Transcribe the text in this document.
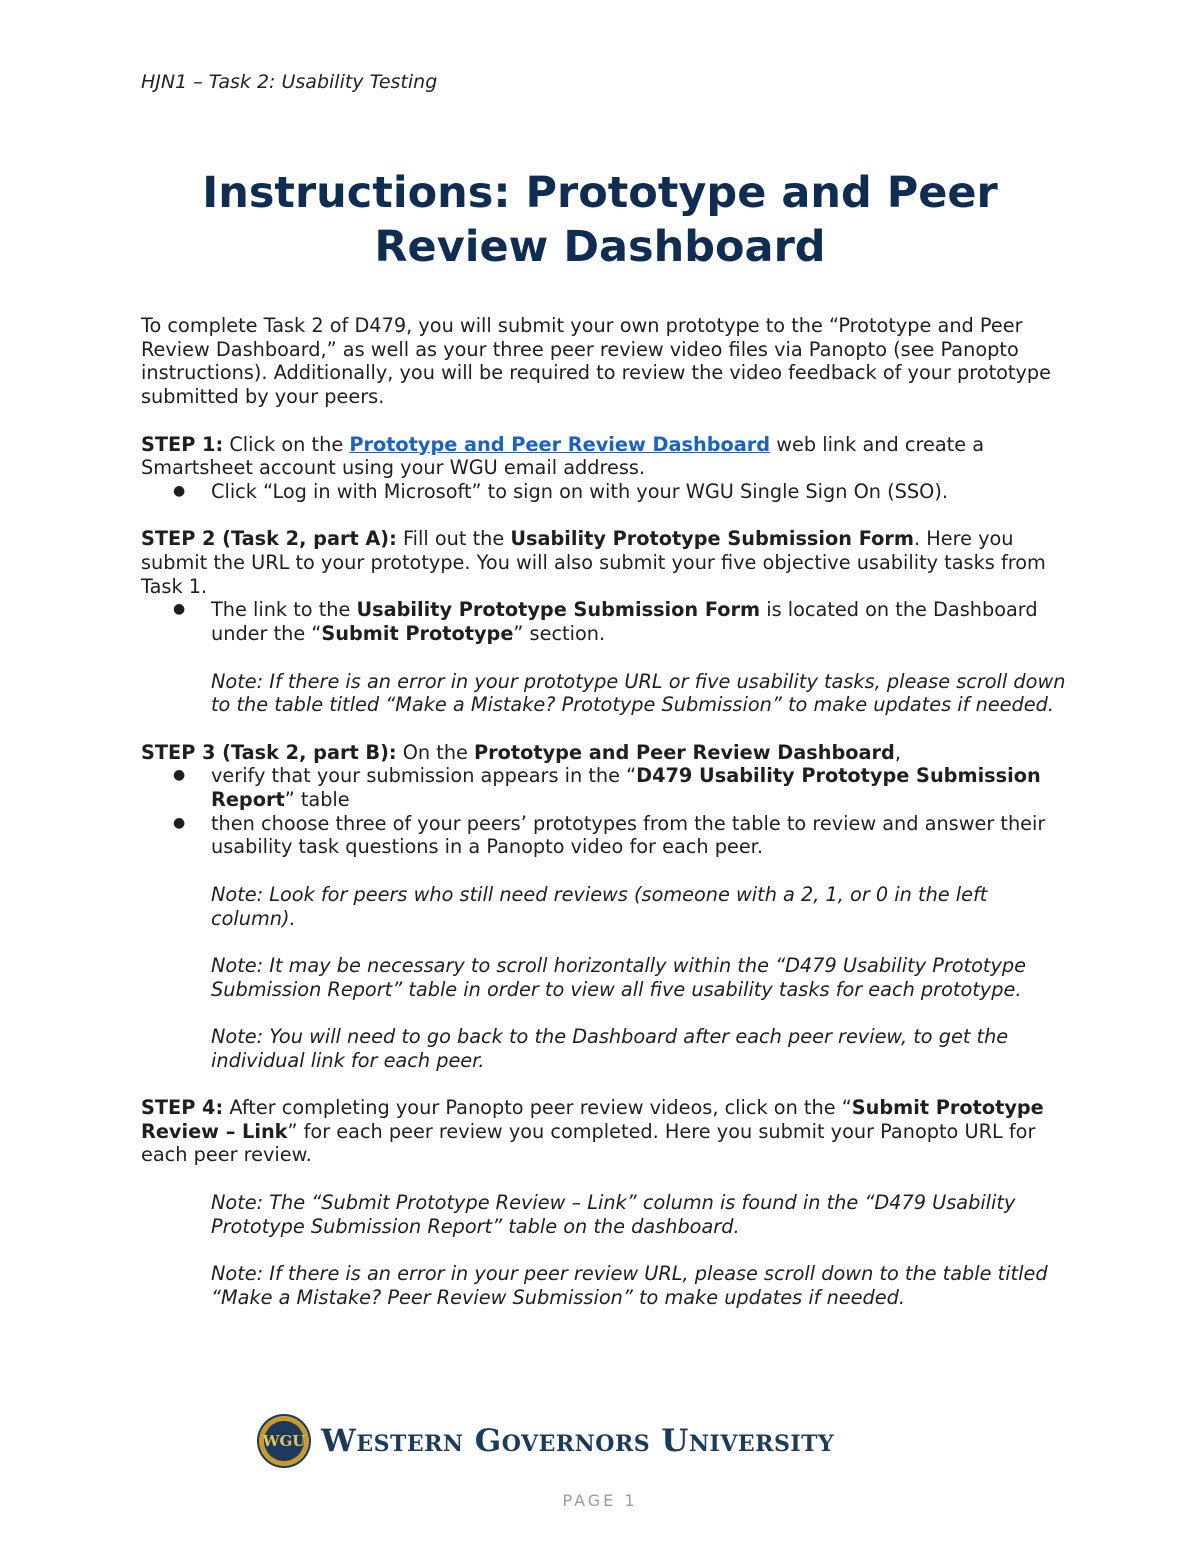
HJN1 – Task 2: Usability Testing
Instructions: Prototype and Peer
Review Dashboard

To complete Task 2 of D479, you will submit your own prototype to the “Prototype and Peer Review Dashboard,” as well as your three peer review video files via Panopto (see Panopto instructions). Additionally, you will be required to review the video feedback of your prototype submitted by your peers.

STEP 1: Click on the Prototype and Peer Review Dashboard web link and create a Smartsheet account using your WGU email address.

● Click “Log in with Microsoft” to sign on with your WGU Single Sign On (SSO).

STEP 2 (Task 2, part A): Fill out the Usability Prototype Submission Form. Here you submit the URL to your prototype. You will also submit your five objective usability tasks from Task 1.

● The link to the Usability Prototype Submission Form is located on the Dashboard under the “Submit Prototype” section.

Note: If there is an error in your prototype URL or five usability tasks, please scroll down to the table titled “Make a Mistake? Prototype Submission” to make updates if needed.

STEP 3 (Task 2, part B): On the Prototype and Peer Review Dashboard,

● verify that your submission appears in the “D479 Usability Prototype Submission Report” table
● then choose three of your peers’ prototypes from the table to review and answer their usability task questions in a Panopto video for each peer.

Note: Look for peers who still need reviews (someone with a 2, 1, or 0 in the left column).

Note: It may be necessary to scroll horizontally within the “D479 Usability Prototype Submission Report” table in order to view all five usability tasks for each prototype.

Note: You will need to go back to the Dashboard after each peer review, to get the individual link for each peer.

STEP 4: After completing your Panopto peer review videos, click on the “Submit Prototype Review – Link” for each peer review you completed. Here you submit your Panopto URL for each peer review.

Note: The “Submit Prototype Review – Link” column is found in the “D479 Usability Prototype Submission Report” table on the dashboard.

Note: If there is an error in your peer review URL, please scroll down to the table titled “Make a Mistake? Peer Review Submission” to make updates if needed.

WGU Western Governors University
PAGE 1
